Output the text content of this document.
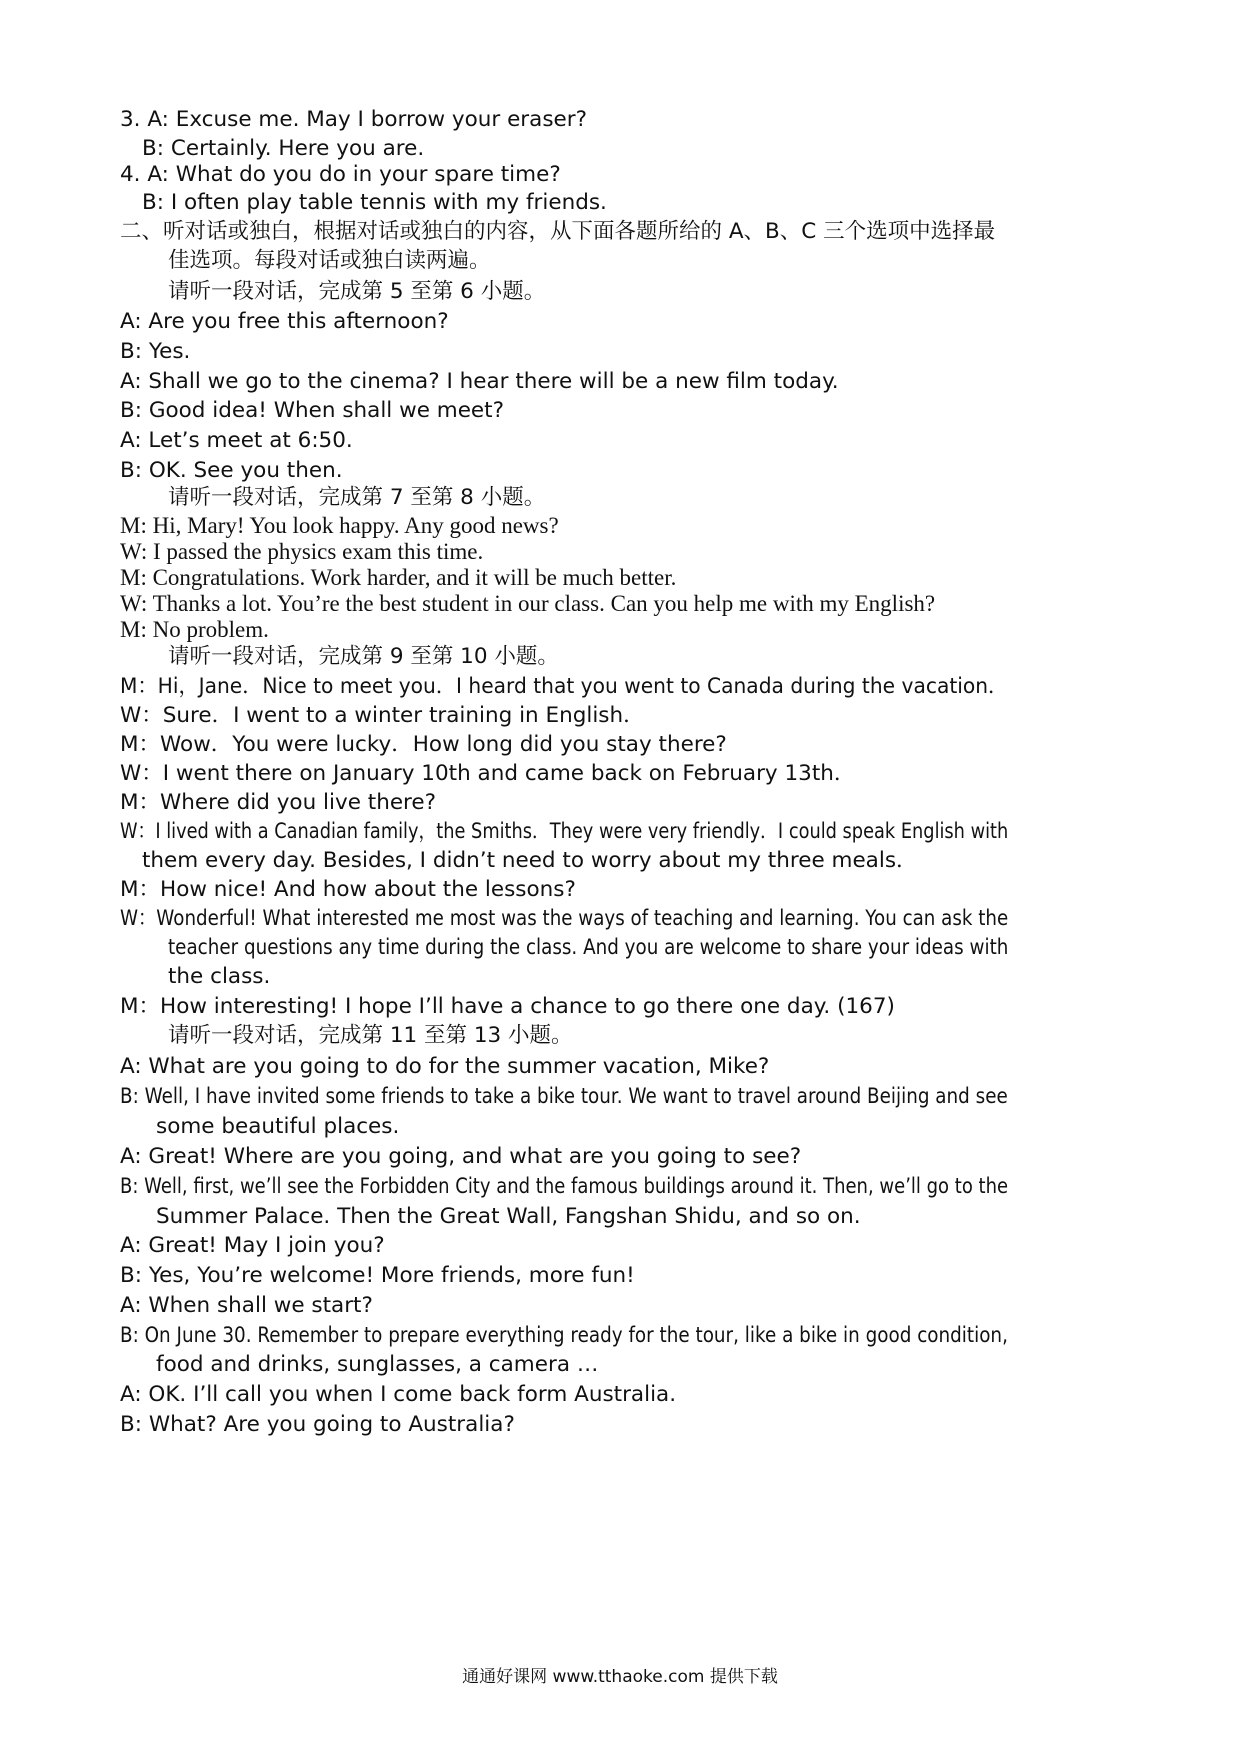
3. A: Excuse me. May I borrow your eraser?
B: Certainly. Here you are.
4. A: What do you do in your spare time?
B: I often play table tennis with my friends.
二、听对话或独白，根据对话或独白的内容，从下面各题所给的 A、B、C 三个选项中选择最
佳选项。每段对话或独白读两遍。
请听一段对话，完成第 5 至第 6 小题。
A: Are you free this afternoon?
B: Yes.
A: Shall we go to the cinema? I hear there will be a new film today.
B: Good idea! When shall we meet?
A: Let’s meet at 6:50.
B: OK. See you then.
请听一段对话，完成第 7 至第 8 小题。
M: Hi, Mary! You look happy. Any good news?
W: I passed the physics exam this time.
M: Congratulations. Work harder, and it will be much better.
W: Thanks a lot. You’re the best student in our class. Can you help me with my English?
M: No problem.
请听一段对话，完成第 9 至第 10 小题。
M：Hi，Jane．Nice to meet you．I heard that you went to Canada during the vacation．
W：Sure．I went to a winter training in English．
M：Wow．You were lucky．How long did you stay there?
W：I went there on January 10th and came back on February 13th．
M：Where did you live there?
W：I lived with a Canadian family，the Smiths．They were very friendly．I could speak English with
them every day. Besides, I didn’t need to worry about my three meals．
M：How nice! And how about the lessons?
W：Wonderful! What interested me most was the ways of teaching and learning. You can ask the
teacher questions any time during the class. And you are welcome to share your ideas with
the class.
M：How interesting! I hope I’ll have a chance to go there one day. (167)
请听一段对话，完成第 11 至第 13 小题。
A: What are you going to do for the summer vacation, Mike?
B: Well, I have invited some friends to take a bike tour. We want to travel around Beijing and see
some beautiful places.
A: Great! Where are you going, and what are you going to see?
B: Well, first, we’ll see the Forbidden City and the famous buildings around it. Then, we’ll go to the
Summer Palace. Then the Great Wall, Fangshan Shidu, and so on.
A: Great! May I join you?
B: Yes, You’re welcome! More friends, more fun!
A: When shall we start?
B: On June 30. Remember to prepare everything ready for the tour, like a bike in good condition,
food and drinks, sunglasses, a camera …
A: OK. I’ll call you when I come back form Australia.
B: What? Are you going to Australia?
通通好课网 www.tthaoke.com 提供下载
